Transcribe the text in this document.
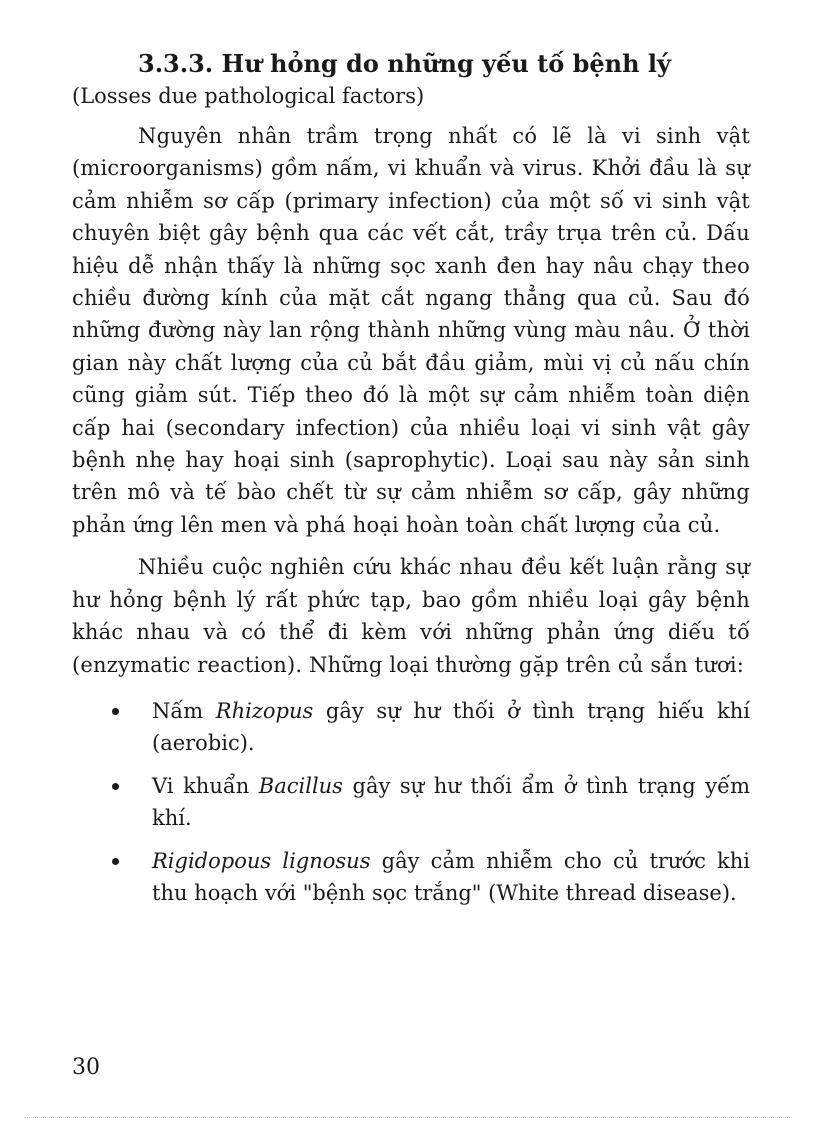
3.3.3. Hư hỏng do những yếu tố bệnh lý
(Losses due pathological factors)

Nguyên nhân trầm trọng nhất có lẽ là vi sinh vật (microorganisms) gồm nấm, vi khuẩn và virus. Khởi đầu là sự cảm nhiễm sơ cấp (primary infection) của một số vi sinh vật chuyên biệt gây bệnh qua các vết cắt, trầy trụa trên củ. Dấu hiệu dễ nhận thấy là những sọc xanh đen hay nâu chạy theo chiều đường kính của mặt cắt ngang thẳng qua củ. Sau đó những đường này lan rộng thành những vùng màu nâu. Ở thời gian này chất lượng của củ bắt đầu giảm, mùi vị củ nấu chín cũng giảm sút. Tiếp theo đó là một sự cảm nhiễm toàn diện cấp hai (secondary infection) của nhiều loại vi sinh vật gây bệnh nhẹ hay hoại sinh (saprophytic). Loại sau này sản sinh trên mô và tế bào chết từ sự cảm nhiễm sơ cấp, gây những phản ứng lên men và phá hoại hoàn toàn chất lượng của củ.

Nhiều cuộc nghiên cứu khác nhau đều kết luận rằng sự hư hỏng bệnh lý rất phức tạp, bao gồm nhiều loại gây bệnh khác nhau và có thể đi kèm với những phản ứng diếu tố (enzymatic reaction). Những loại thường gặp trên củ sắn tươi:

Nấm Rhizopus gây sự hư thối ở tình trạng hiếu khí (aerobic).
Vi khuẩn Bacillus gây sự hư thối ẩm ở tình trạng yếm khí.
Rigidopous lignosus gây cảm nhiễm cho củ trước khi thu hoạch với "bệnh sọc trắng" (White thread disease).
30
